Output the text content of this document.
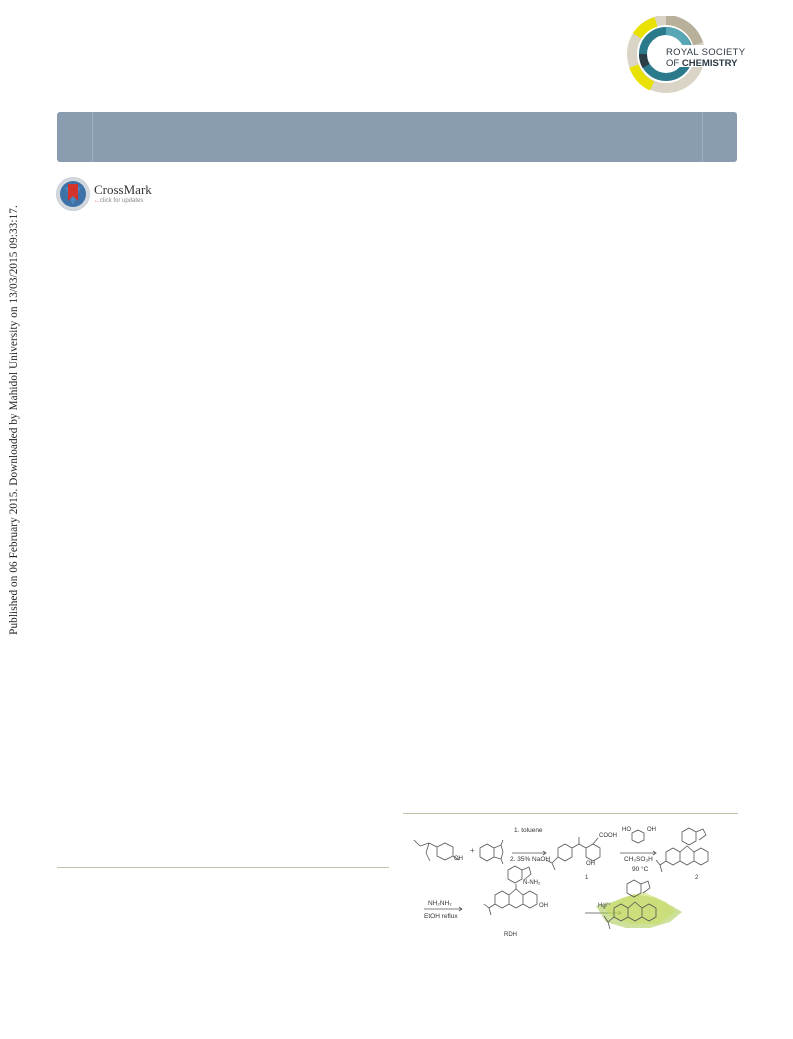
Published on 06 February 2015. Downloaded by Mahidol University on 13/03/2015 09:33:17.
ROYAL SOCIETY
OF CHEMISTRY
CrossMark
←click for updates
+
1. toluene
2. 35% NaOH
OH
COOH
OH
1
HO	OH
CH₃SO₃H
90 °C
2
NH₂NH₂
EtOH reflux
N-NH₂
OH
RDH
Hg²⁺
